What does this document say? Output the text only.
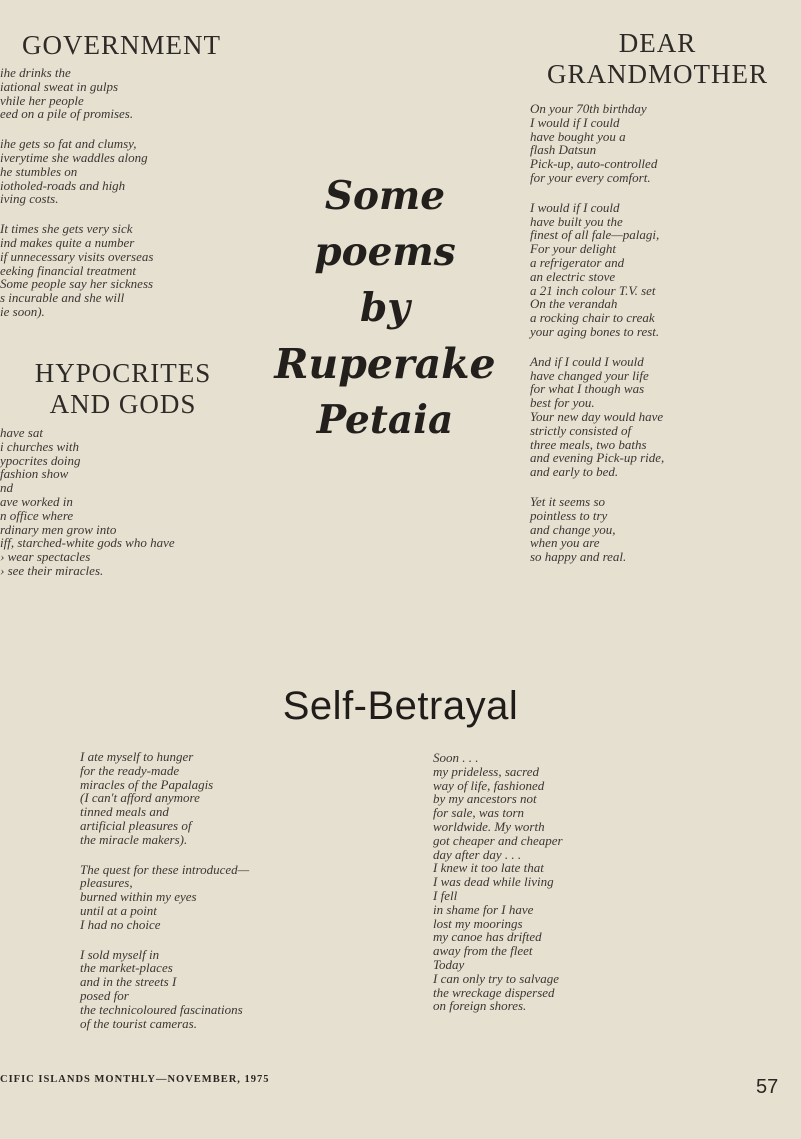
GOVERNMENT
ihe drinks the
iational sweat in gulps
vhile her people
eed on a pile of promises.
ihe gets so fat and clumsy,
iverytime she waddles along
he stumbles on
iotholed-roads and high
iving costs.
It times she gets very sick
ind makes quite a number
if unnecessary visits overseas
eeking financial treatment
Some people say her sickness
s incurable and she will
ie soon).
HYPOCRITES
AND GODS
have sat
i churches with
ypocrites doing
fashion show
nd
ave worked in
n office where
rdinary men grow into
iff, starched-white gods who have
› wear spectacles
› see their miracles.
Some
poems
by
Ruperake
Petaia
DEAR
GRANDMOTHER
On your 70th birthday
I would if I could
have bought you a
flash Datsun
Pick-up, auto-controlled
for your every comfort.
I would if I could
have built you the
finest of all fale—palagi,
For your delight
a refrigerator and
an electric stove
a 21 inch colour T.V. set
On the verandah
a rocking chair to creak
your aging bones to rest.
And if I could I would
have changed your life
for what I though was
best for you.
Your new day would have
strictly consisted of
three meals, two baths
and evening Pick-up ride,
and early to bed.
Yet it seems so
pointless to try
and change you,
when you are
so happy and real.
Self-Betrayal
I ate myself to hunger
for the ready-made
miracles of the Papalagis
(I can't afford anymore
tinned meals and
artificial pleasures of
the miracle makers).
The quest for these introduced—
pleasures,
burned within my eyes
until at a point
I had no choice
I sold myself in
the market-places
and in the streets I
posed for
the technicoloured fascinations
of the tourist cameras.
Soon . . .
my prideless, sacred
way of life, fashioned
by my ancestors not
for sale, was torn
worldwide. My worth
got cheaper and cheaper
day after day . . .
I knew it too late that
I was dead while living
I fell
in shame for I have
lost my moorings
my canoe has drifted
away from the fleet
Today
I can only try to salvage
the wreckage dispersed
on foreign shores.
CIFIC ISLANDS MONTHLY—NOVEMBER, 1975	57
